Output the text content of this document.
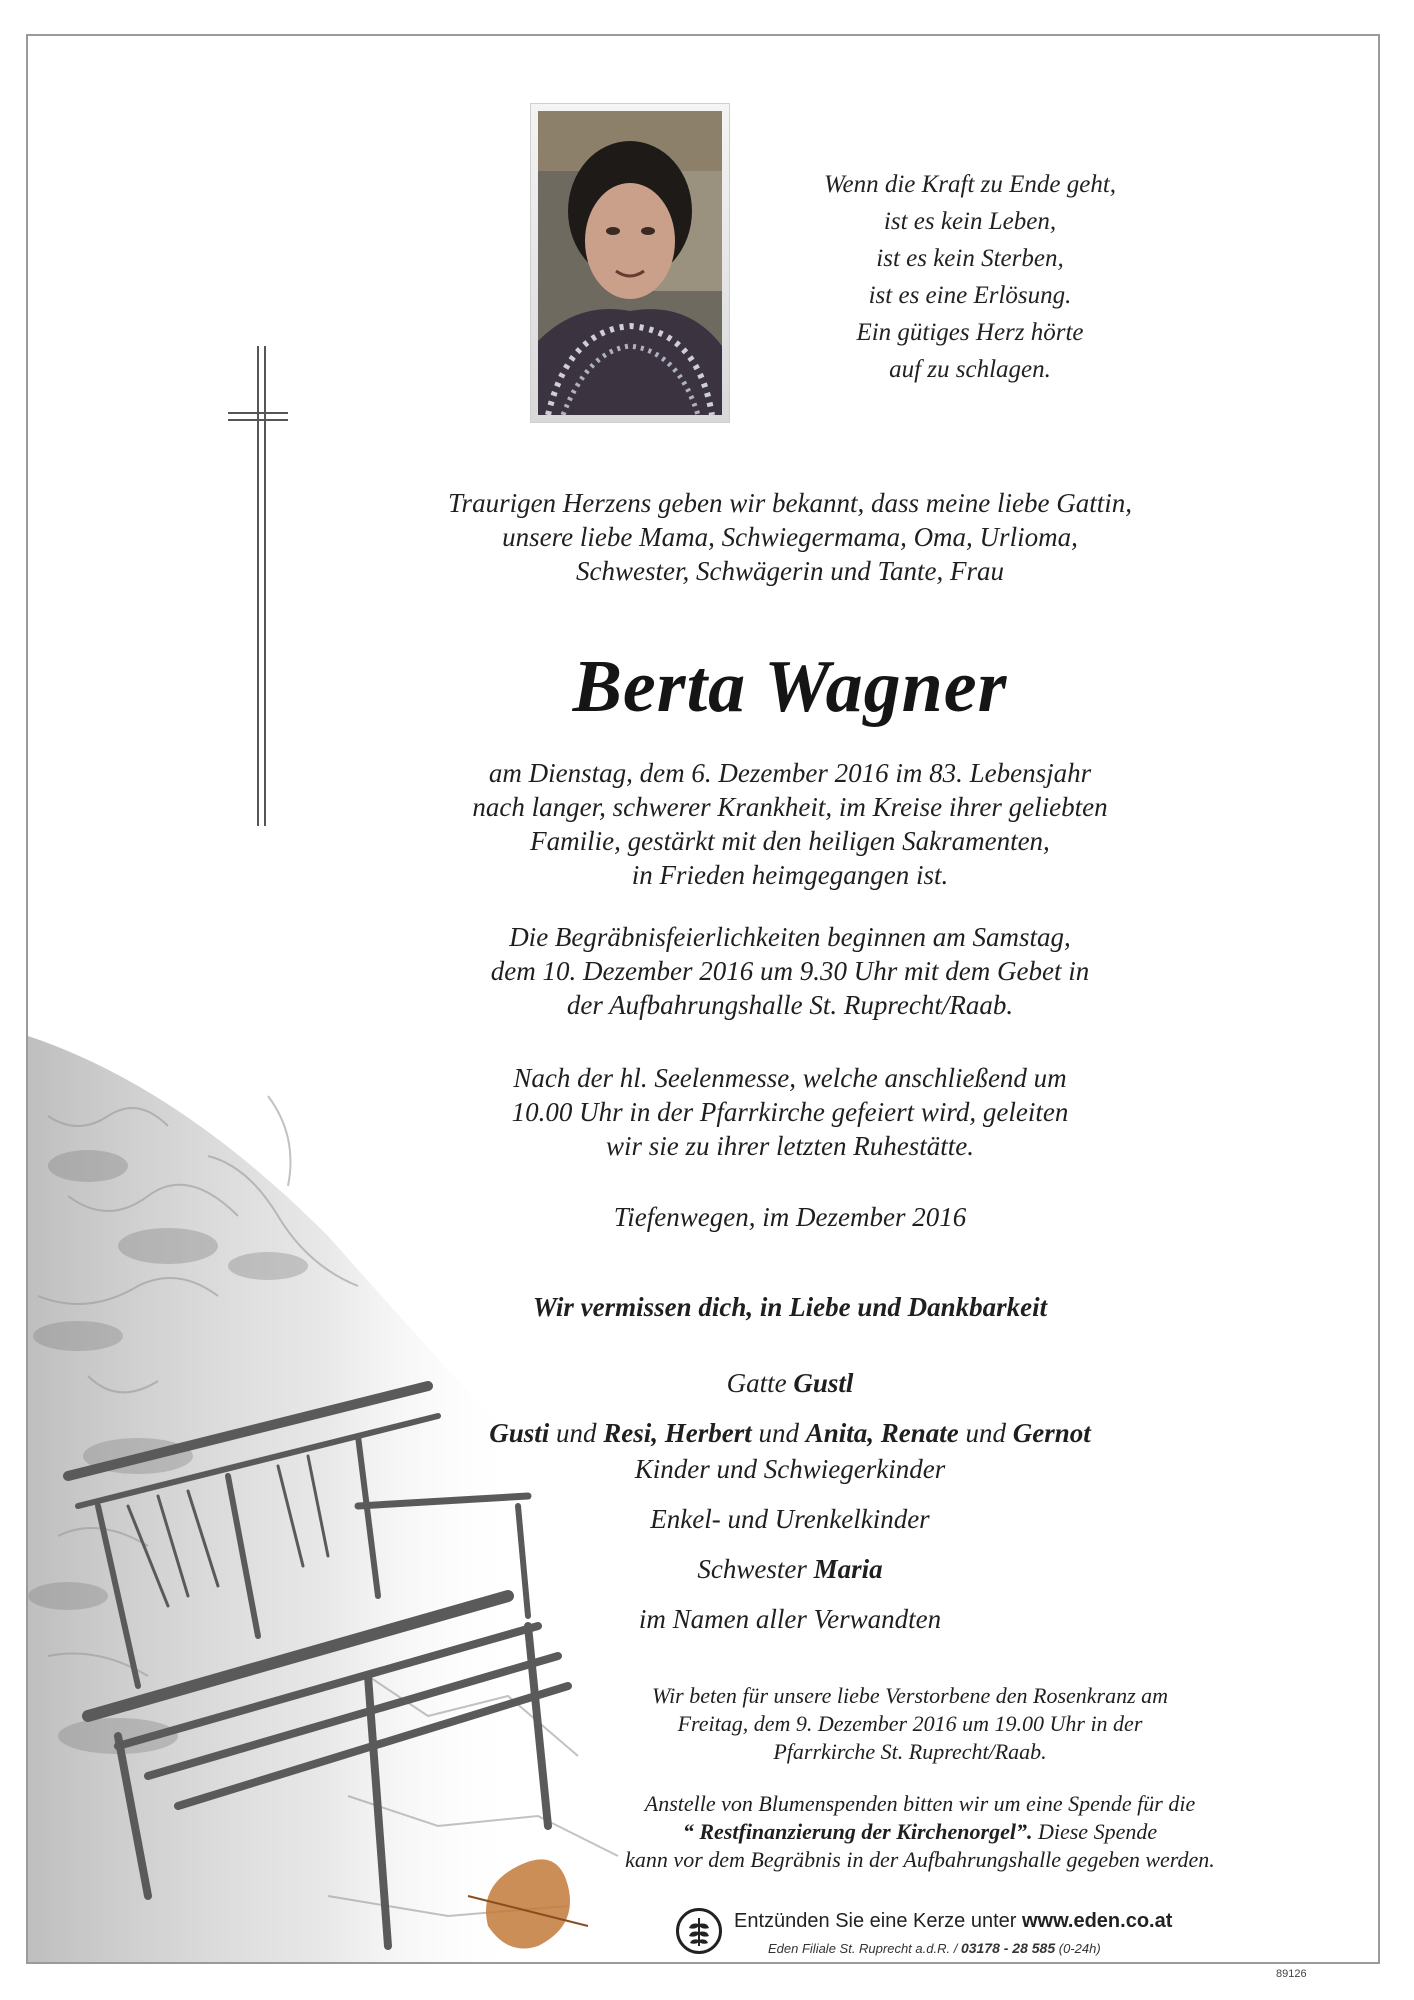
Wenn die Kraft zu Ende geht,
ist es kein Leben,
ist es kein Sterben,
ist es eine Erlösung.
Ein gütiges Herz hörte
auf zu schlagen.
Traurigen Herzens geben wir bekannt, dass meine liebe Gattin,
unsere liebe Mama, Schwiegermama, Oma, Urlioma,
Schwester, Schwägerin und Tante, Frau
Berta Wagner
am Dienstag, dem 6. Dezember 2016 im 83. Lebensjahr
nach langer, schwerer Krankheit, im Kreise ihrer geliebten
Familie, gestärkt mit den heiligen Sakramenten,
in Frieden heimgegangen ist.
Die Begräbnisfeierlichkeiten beginnen am Samstag,
dem 10. Dezember 2016 um 9.30 Uhr mit dem Gebet in
der Aufbahrungshalle St. Ruprecht/Raab.
Nach der hl. Seelenmesse, welche anschließend um
10.00 Uhr in der Pfarrkirche gefeiert wird, geleiten
wir sie zu ihrer letzten Ruhestätte.
Tiefenwegen, im Dezember 2016
Wir vermissen dich, in Liebe und Dankbarkeit
Gatte Gustl
Gusti und Resi, Herbert und Anita, Renate und Gernot
Kinder und Schwiegerkinder
Enkel- und Urenkelkinder
Schwester Maria
im Namen aller Verwandten
Wir beten für unsere liebe Verstorbene den Rosenkranz am
Freitag, dem 9. Dezember 2016 um 19.00 Uhr in der
Pfarrkirche St. Ruprecht/Raab.
Anstelle von Blumenspenden bitten wir um eine Spende für die
“ Restfinanzierung der Kirchenorgel”. Diese Spende
kann vor dem Begräbnis in der Aufbahrungshalle gegeben werden.
Entzünden Sie eine Kerze unter www.eden.co.at
Eden Filiale St. Ruprecht a.d.R. / 03178 - 28 585 (0-24h)
89126
